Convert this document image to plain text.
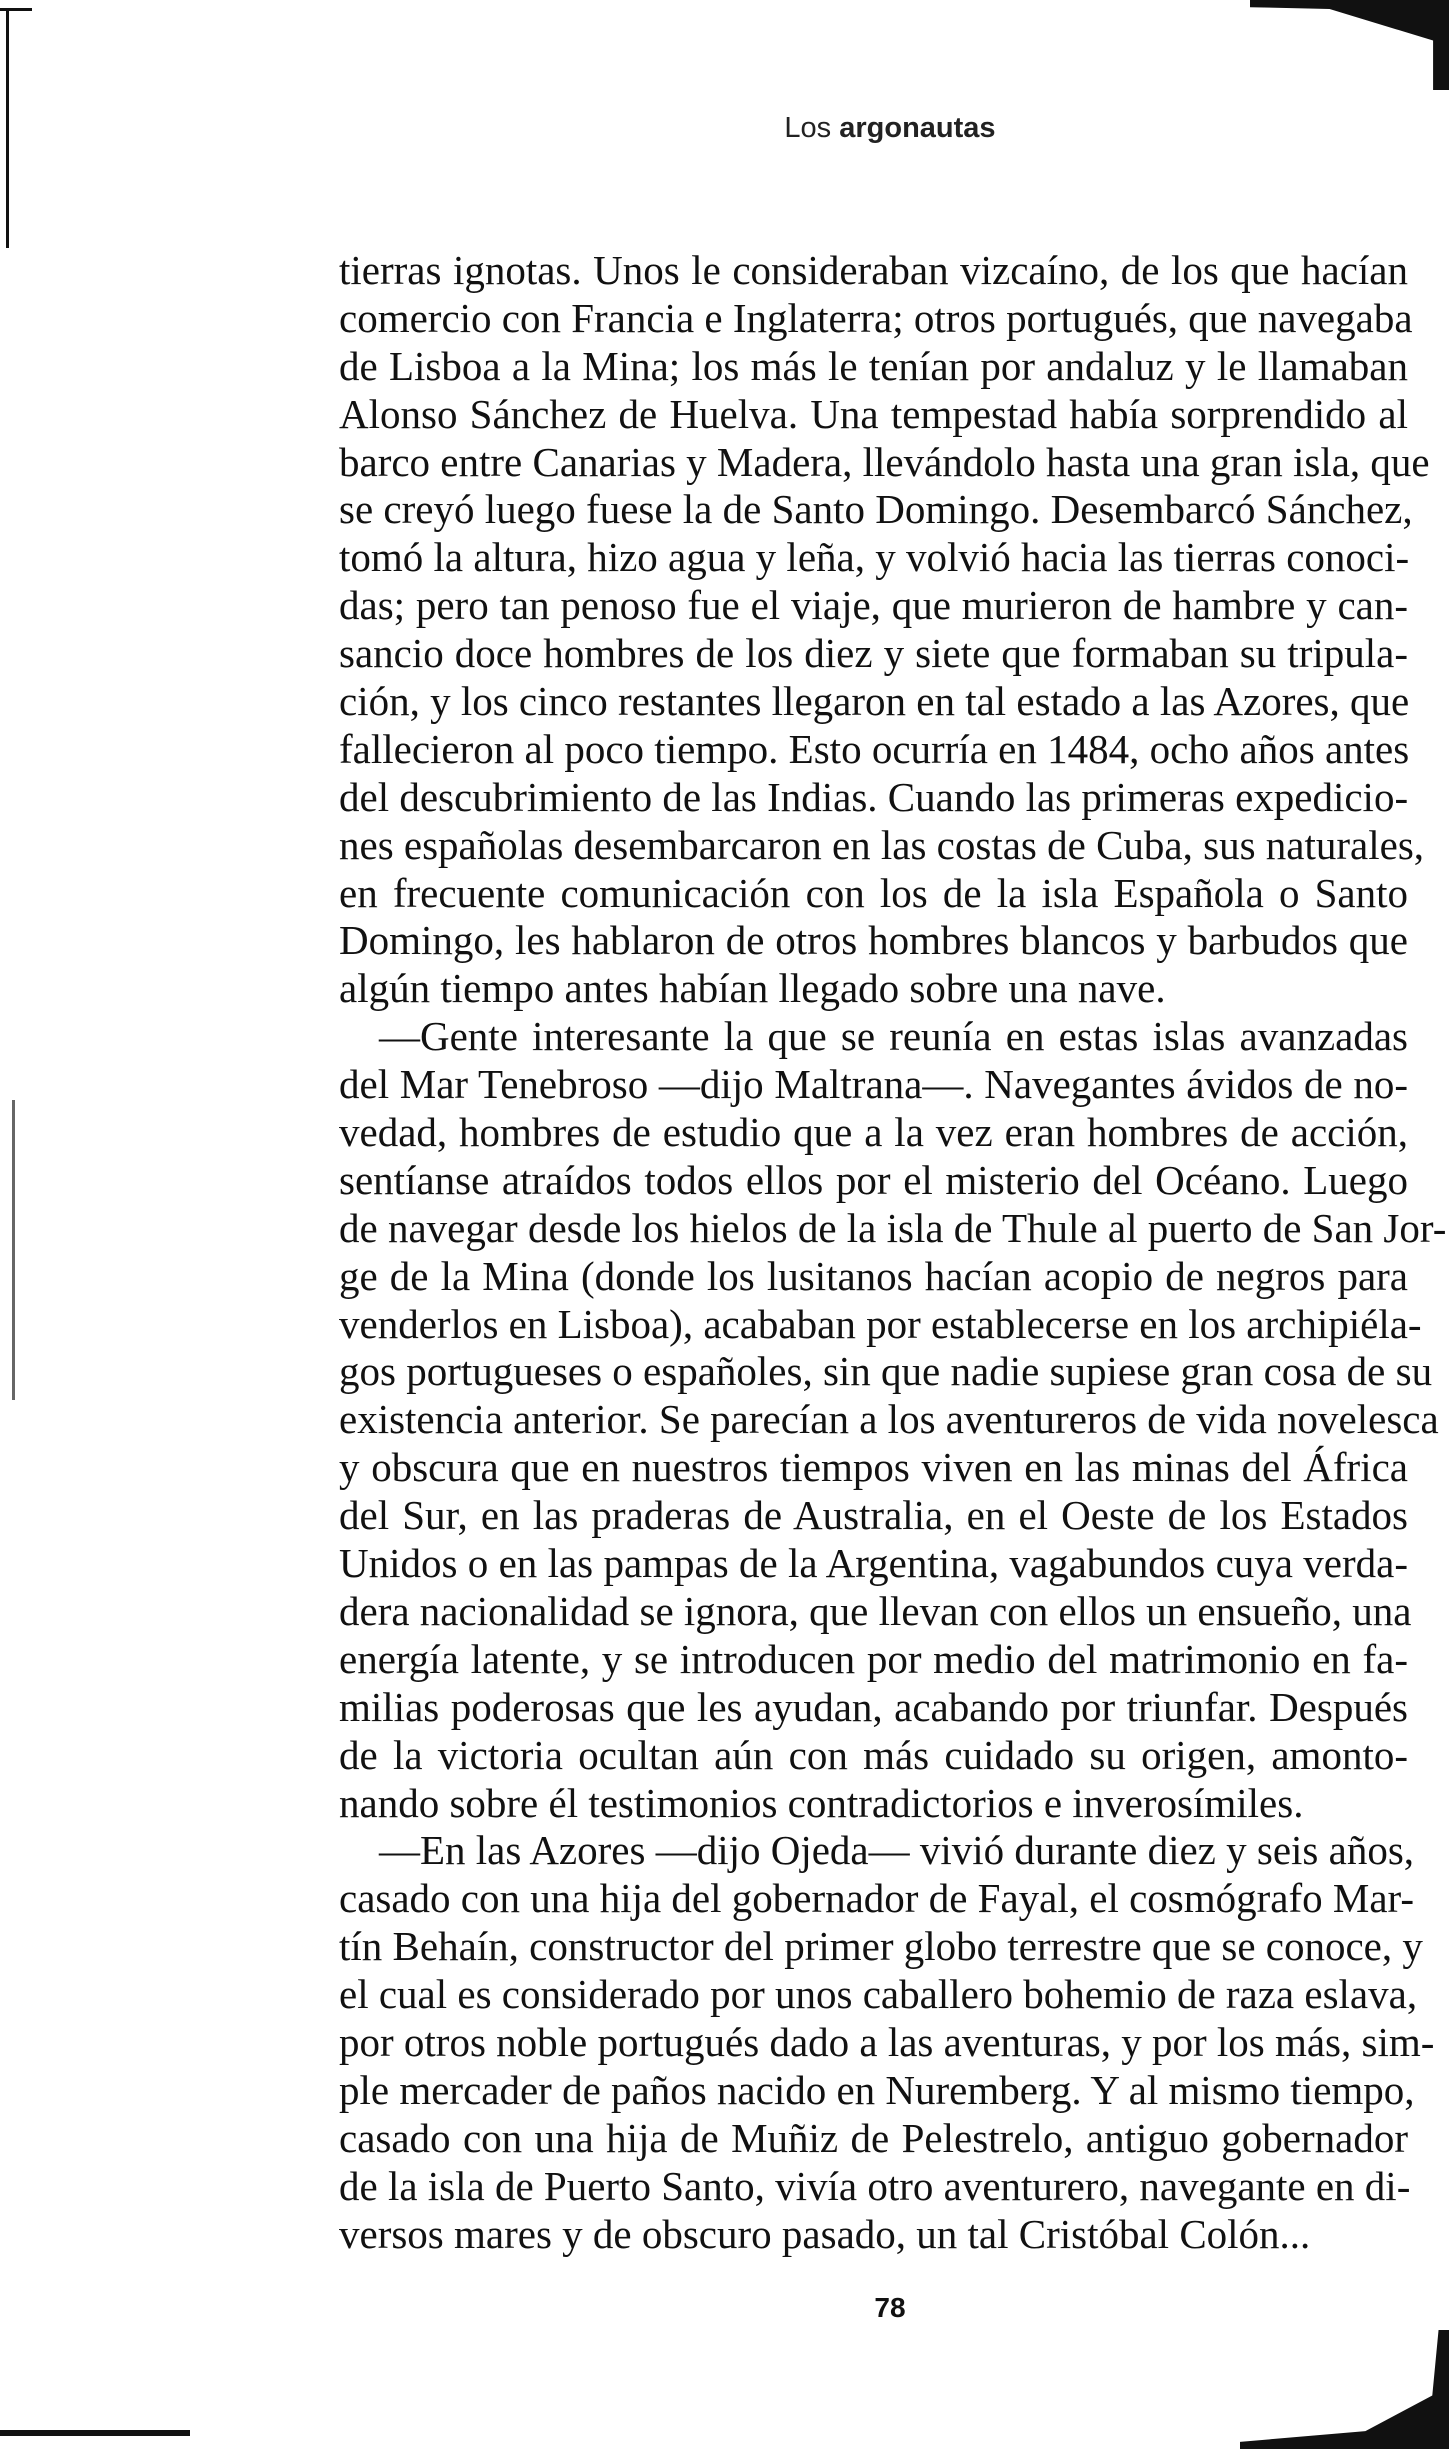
Los argonautas
tierras ignotas. Unos le consideraban vizcaíno, de los que hacían
comercio con Francia e Inglaterra; otros portugués, que navegaba
de Lisboa a la Mina; los más le tenían por andaluz y le llamaban
Alonso Sánchez de Huelva. Una tempestad había sorprendido al
barco entre Canarias y Madera, llevándolo hasta una gran isla, que
se creyó luego fuese la de Santo Domingo. Desembarcó Sánchez,
tomó la altura, hizo agua y leña, y volvió hacia las tierras conoci-
das; pero tan penoso fue el viaje, que murieron de hambre y can-
sancio doce hombres de los diez y siete que formaban su tripula-
ción, y los cinco restantes llegaron en tal estado a las Azores, que
fallecieron al poco tiempo. Esto ocurría en 1484, ocho años antes
del descubrimiento de las Indias. Cuando las primeras expedicio-
nes españolas desembarcaron en las costas de Cuba, sus naturales,
en frecuente comunicación con los de la isla Española o Santo
Domingo, les hablaron de otros hombres blancos y barbudos que
algún tiempo antes habían llegado sobre una nave.
—Gente interesante la que se reunía en estas islas avanzadas
del Mar Tenebroso —dijo Maltrana—. Navegantes ávidos de no-
vedad, hombres de estudio que a la vez eran hombres de acción,
sentíanse atraídos todos ellos por el misterio del Océano. Luego
de navegar desde los hielos de la isla de Thule al puerto de San Jor-
ge de la Mina (donde los lusitanos hacían acopio de negros para
venderlos en Lisboa), acababan por establecerse en los archipiéla-
gos portugueses o españoles, sin que nadie supiese gran cosa de su
existencia anterior. Se parecían a los aventureros de vida novelesca
y obscura que en nuestros tiempos viven en las minas del África
del Sur, en las praderas de Australia, en el Oeste de los Estados
Unidos o en las pampas de la Argentina, vagabundos cuya verda-
dera nacionalidad se ignora, que llevan con ellos un ensueño, una
energía latente, y se introducen por medio del matrimonio en fa-
milias poderosas que les ayudan, acabando por triunfar. Después
de la victoria ocultan aún con más cuidado su origen, amonto-
nando sobre él testimonios contradictorios e inverosímiles.
—En las Azores —dijo Ojeda— vivió durante diez y seis años,
casado con una hija del gobernador de Fayal, el cosmógrafo Mar-
tín Behaín, constructor del primer globo terrestre que se conoce, y
el cual es considerado por unos caballero bohemio de raza eslava,
por otros noble portugués dado a las aventuras, y por los más, sim-
ple mercader de paños nacido en Nuremberg. Y al mismo tiempo,
casado con una hija de Muñiz de Pelestrelo, antiguo gobernador
de la isla de Puerto Santo, vivía otro aventurero, navegante en di-
versos mares y de obscuro pasado, un tal Cristóbal Colón...
78
